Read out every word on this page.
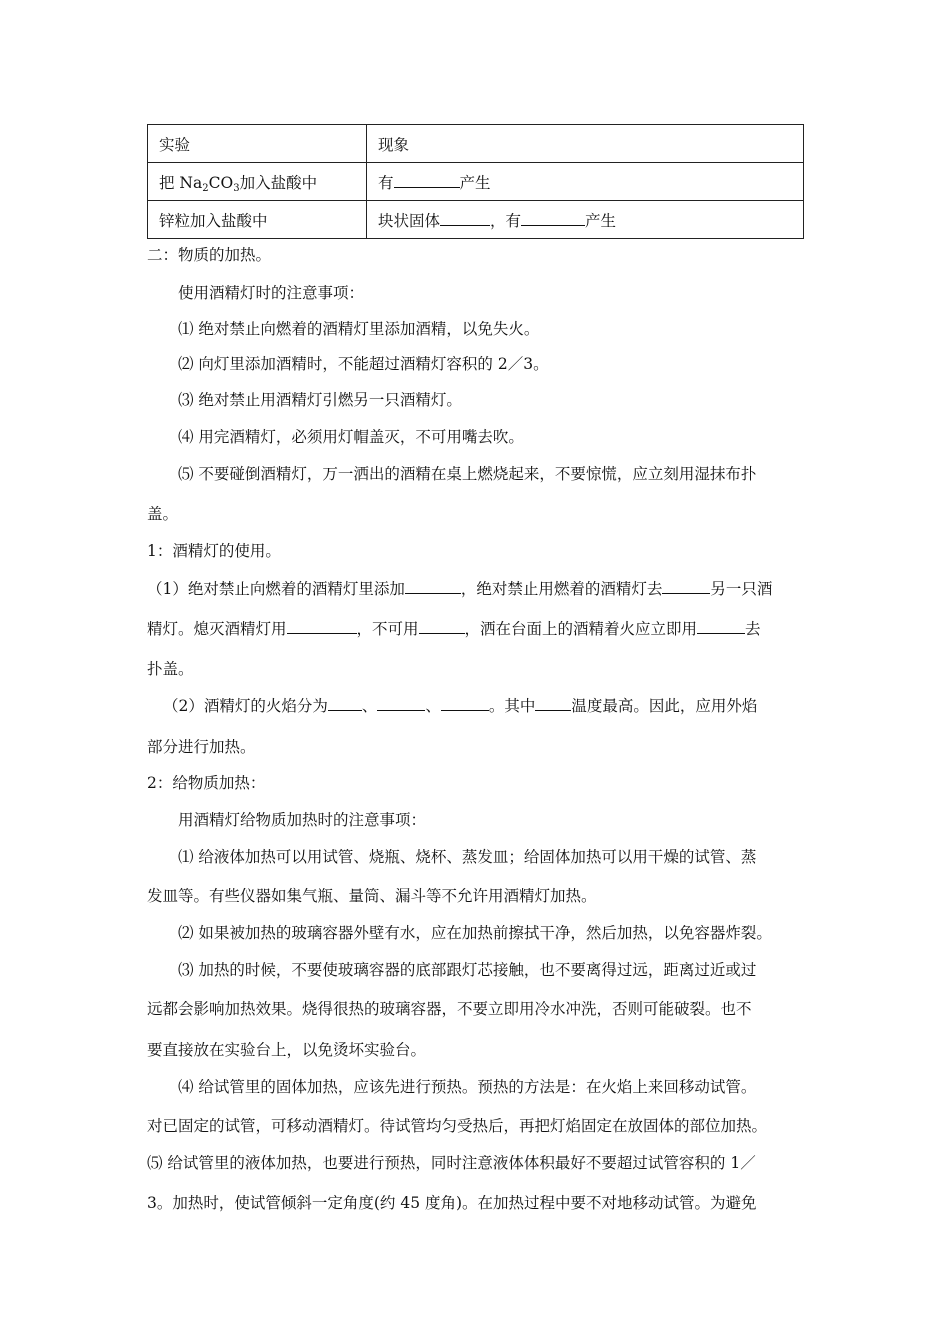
实验	现象
把 $Na_2CO_3$加入盐酸中	有 产生
锌粒加入盐酸中	块状固体 ，有 产生
二：物质的加热。
使用酒精灯时的注意事项：
⑴ 绝对禁止向燃着的酒精灯里添加酒精，以免失火。
⑵ 向灯里添加酒精时，不能超过酒精灯容积的 2／3。
⑶ 绝对禁止用酒精灯引燃另一只酒精灯。
⑷ 用完酒精灯，必须用灯帽盖灭，不可用嘴去吹。
⑸ 不要碰倒酒精灯，万一洒出的酒精在桌上燃烧起来，不要惊慌，应立刻用湿抹布扑
盖。
1：酒精灯的使用。
（1）绝对禁止向燃着的酒精灯里添加	，绝对禁止用燃着的酒精灯去	另一只酒
精灯。熄灭酒精灯用	，不可用	，洒在台面上的酒精着火应立即用	去
扑盖。
（2）酒精灯的火焰分为 、	、	。其中 温度最高。因此，应用外焰
部分进行加热。
2：给物质加热：
用酒精灯给物质加热时的注意事项：
⑴ 给液体加热可以用试管、烧瓶、烧杯、蒸发皿；给固体加热可以用干燥的试管、蒸
发皿等。有些仪器如集气瓶、量筒、漏斗等不允许用酒精灯加热。
⑵ 如果被加热的玻璃容器外壁有水，应在加热前擦拭干净，然后加热，以免容器炸裂。
⑶ 加热的时候，不要使玻璃容器的底部跟灯芯接触，也不要离得过远，距离过近或过
远都会影响加热效果。烧得很热的玻璃容器，不要立即用冷水冲洗，否则可能破裂。也不
要直接放在实验台上，以免烫坏实验台。
⑷ 给试管里的固体加热，应该先进行预热。预热的方法是：在火焰上来回移动试管。
对已固定的试管，可移动酒精灯。待试管均匀受热后，再把灯焰固定在放固体的部位加热。
⑸ 给试管里的液体加热，也要进行预热，同时注意液体体积最好不要超过试管容积的 1／
3。加热时，使试管倾斜一定角度(约 45 度角)。在加热过程中要不对地移动试管。为避免
